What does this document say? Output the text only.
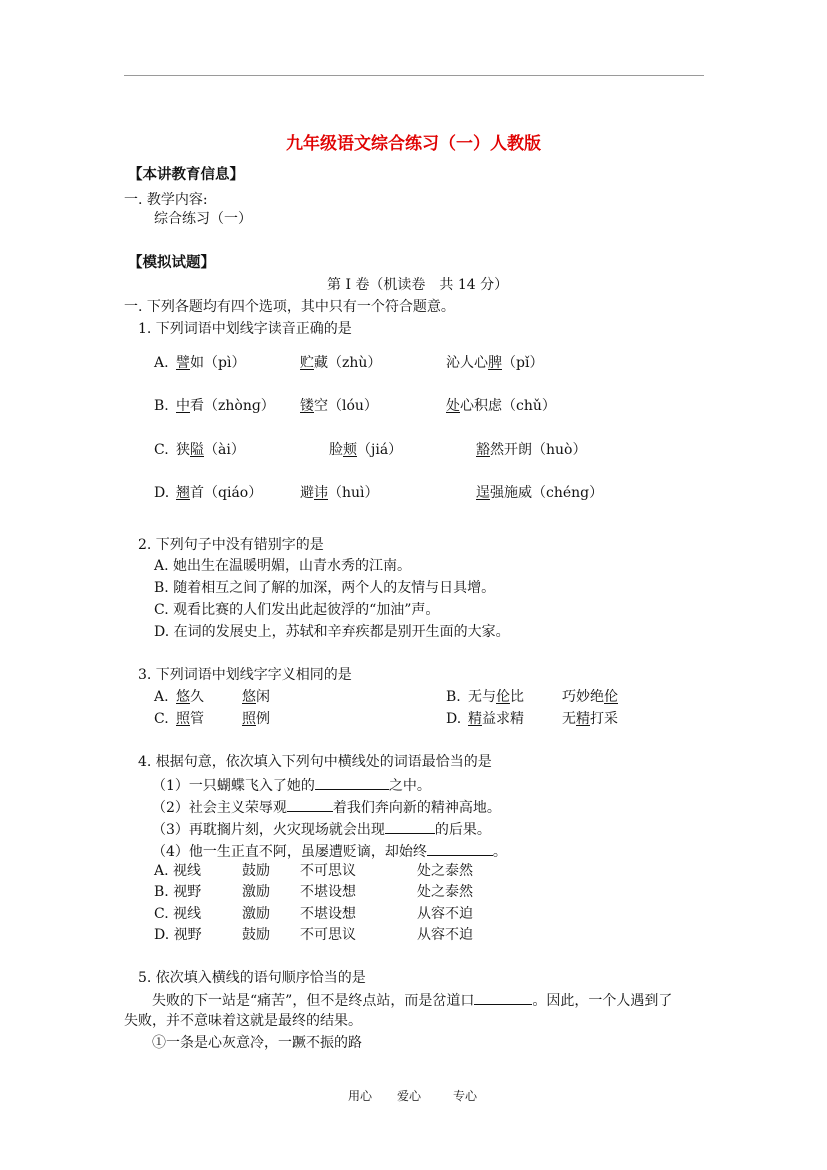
九年级语文综合练习（一）人教版
【本讲教育信息】
一. 教学内容:
综合练习（一）
【模拟试题】
第 I 卷（机读卷　共 14 分）
一. 下列各题均有四个选项，其中只有一个符合题意。
1. 下列词语中划线字读音正确的是
A. 譬如（pì）	贮藏（zhù）	沁人心脾（pǐ）
B. 中看（zhònɡ） 镂空（lóu）	处心积虑（chǔ）
C. 狭隘（ài）	脸颊（jiá）	豁然开朗（huò）
D. 翘首（qiáo）	避讳（huì）	逞强施威（chéng）
2. 下列句子中没有错别字的是
A. 她出生在温暖明媚，山青水秀的江南。
B. 随着相互之间了解的加深，两个人的友情与日具增。
C. 观看比赛的人们发出此起彼浮的“加油”声。
D. 在词的发展史上，苏轼和辛弃疾都是别开生面的大家。
3. 下列词语中划线字字义相同的是
A. 悠久	悠闲	B. 无与伦比	巧妙绝伦
C. 照管	照例	D. 精益求精	无精打采
4. 根据句意，依次填入下列句中横线处的词语最恰当的是
（1）一只蝴蝶飞入了她的	之中。
（2）社会主义荣辱观	着我们奔向新的精神高地。
（3）再耽搁片刻，火灾现场就会出现	的后果。
（4）他一生正直不阿，虽屡遭贬谪，却始终	。
A. 视线	鼓励 不可思议	处之泰然
B. 视野	激励 不堪设想	处之泰然
C. 视线	激励 不堪设想	从容不迫
D. 视野	鼓励 不可思议	从容不迫
5. 依次填入横线的语句顺序恰当的是
失败的下一站是“痛苦”，但不是终点站，而是岔道口	。因此，一个人遇到了
失败，并不意味着这就是最终的结果。
①一条是心灰意冷，一蹶不振的路
用心 爱心	专心
